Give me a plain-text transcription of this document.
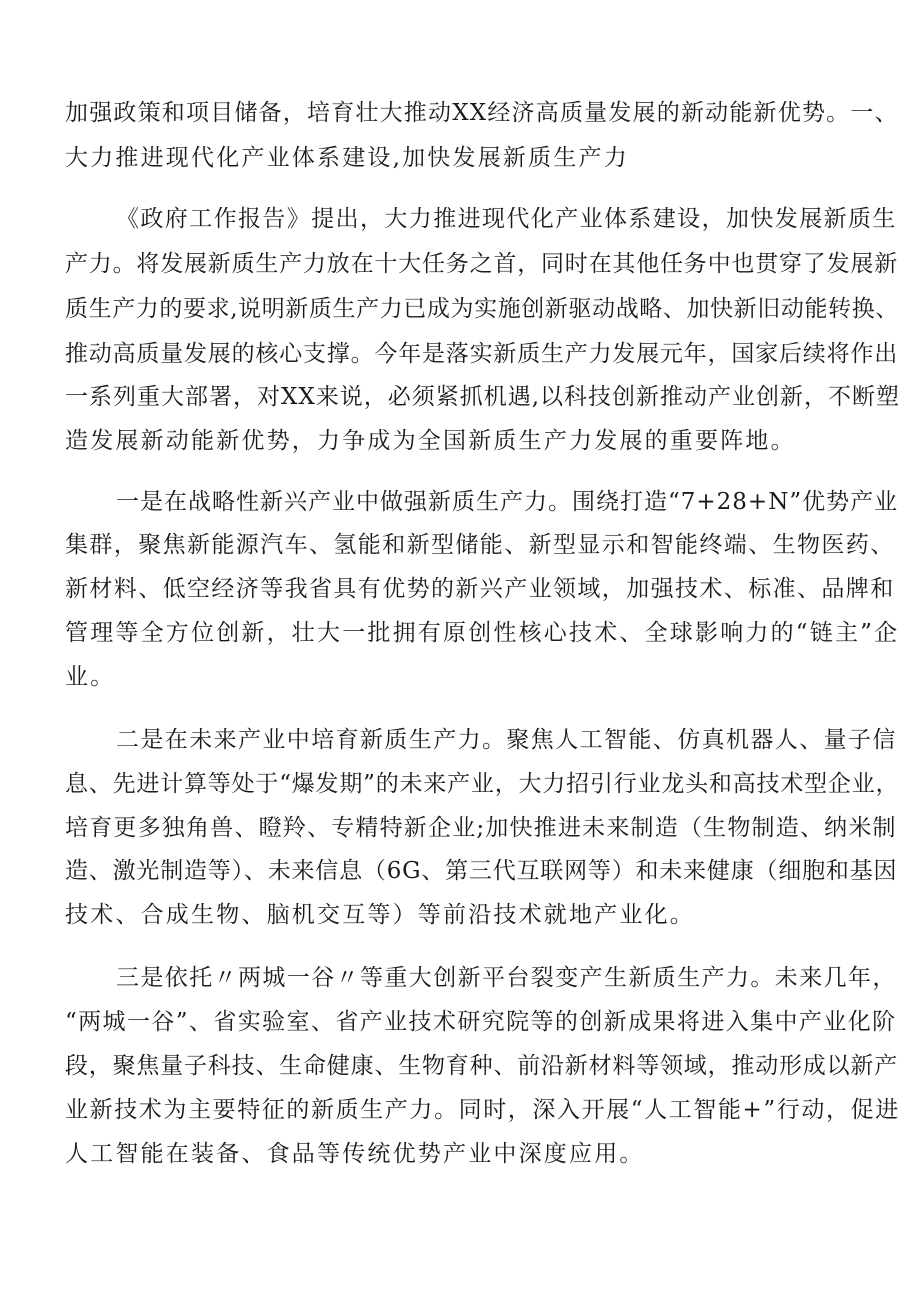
加强政策和项目储备，培育壮大推动XX经济高质量发展的新动能新优势。一、
大力推进现代化产业体系建设,加快发展新质生产力
《政府工作报告》提出，大力推进现代化产业体系建设，加快发展新质生
产力。将发展新质生产力放在十大任务之首，同时在其他任务中也贯穿了发展新
质生产力的要求,说明新质生产力已成为实施创新驱动战略、加快新旧动能转换、
推动高质量发展的核心支撑。今年是落实新质生产力发展元年，国家后续将作出
一系列重大部署，对XX来说，必须紧抓机遇,以科技创新推动产业创新，不断塑
造发展新动能新优势，力争成为全国新质生产力发展的重要阵地。
一是在战略性新兴产业中做强新质生产力。围绕打造“7+28+N”优势产业
集群，聚焦新能源汽车、氢能和新型储能、新型显示和智能终端、生物医药、
新材料、低空经济等我省具有优势的新兴产业领域，加强技术、标准、品牌和
管理等全方位创新，壮大一批拥有原创性核心技术、全球影响力的“链主”企
业。
二是在未来产业中培育新质生产力。聚焦人工智能、仿真机器人、量子信
息、先进计算等处于“爆发期”的未来产业，大力招引行业龙头和高技术型企业，
培育更多独角兽、瞪羚、专精特新企业;加快推进未来制造（生物制造、纳米制
造、激光制造等）、未来信息（6G、第三代互联网等）和未来健康（细胞和基因
技术、合成生物、脑机交互等）等前沿技术就地产业化。
三是依托〃两城一谷〃等重大创新平台裂变产生新质生产力。未来几年，
“两城一谷”、省实验室、省产业技术研究院等的创新成果将进入集中产业化阶
段，聚焦量子科技、生命健康、生物育种、前沿新材料等领域，推动形成以新产
业新技术为主要特征的新质生产力。同时，深入开展“人工智能+”行动，促进
人工智能在装备、食品等传统优势产业中深度应用。
